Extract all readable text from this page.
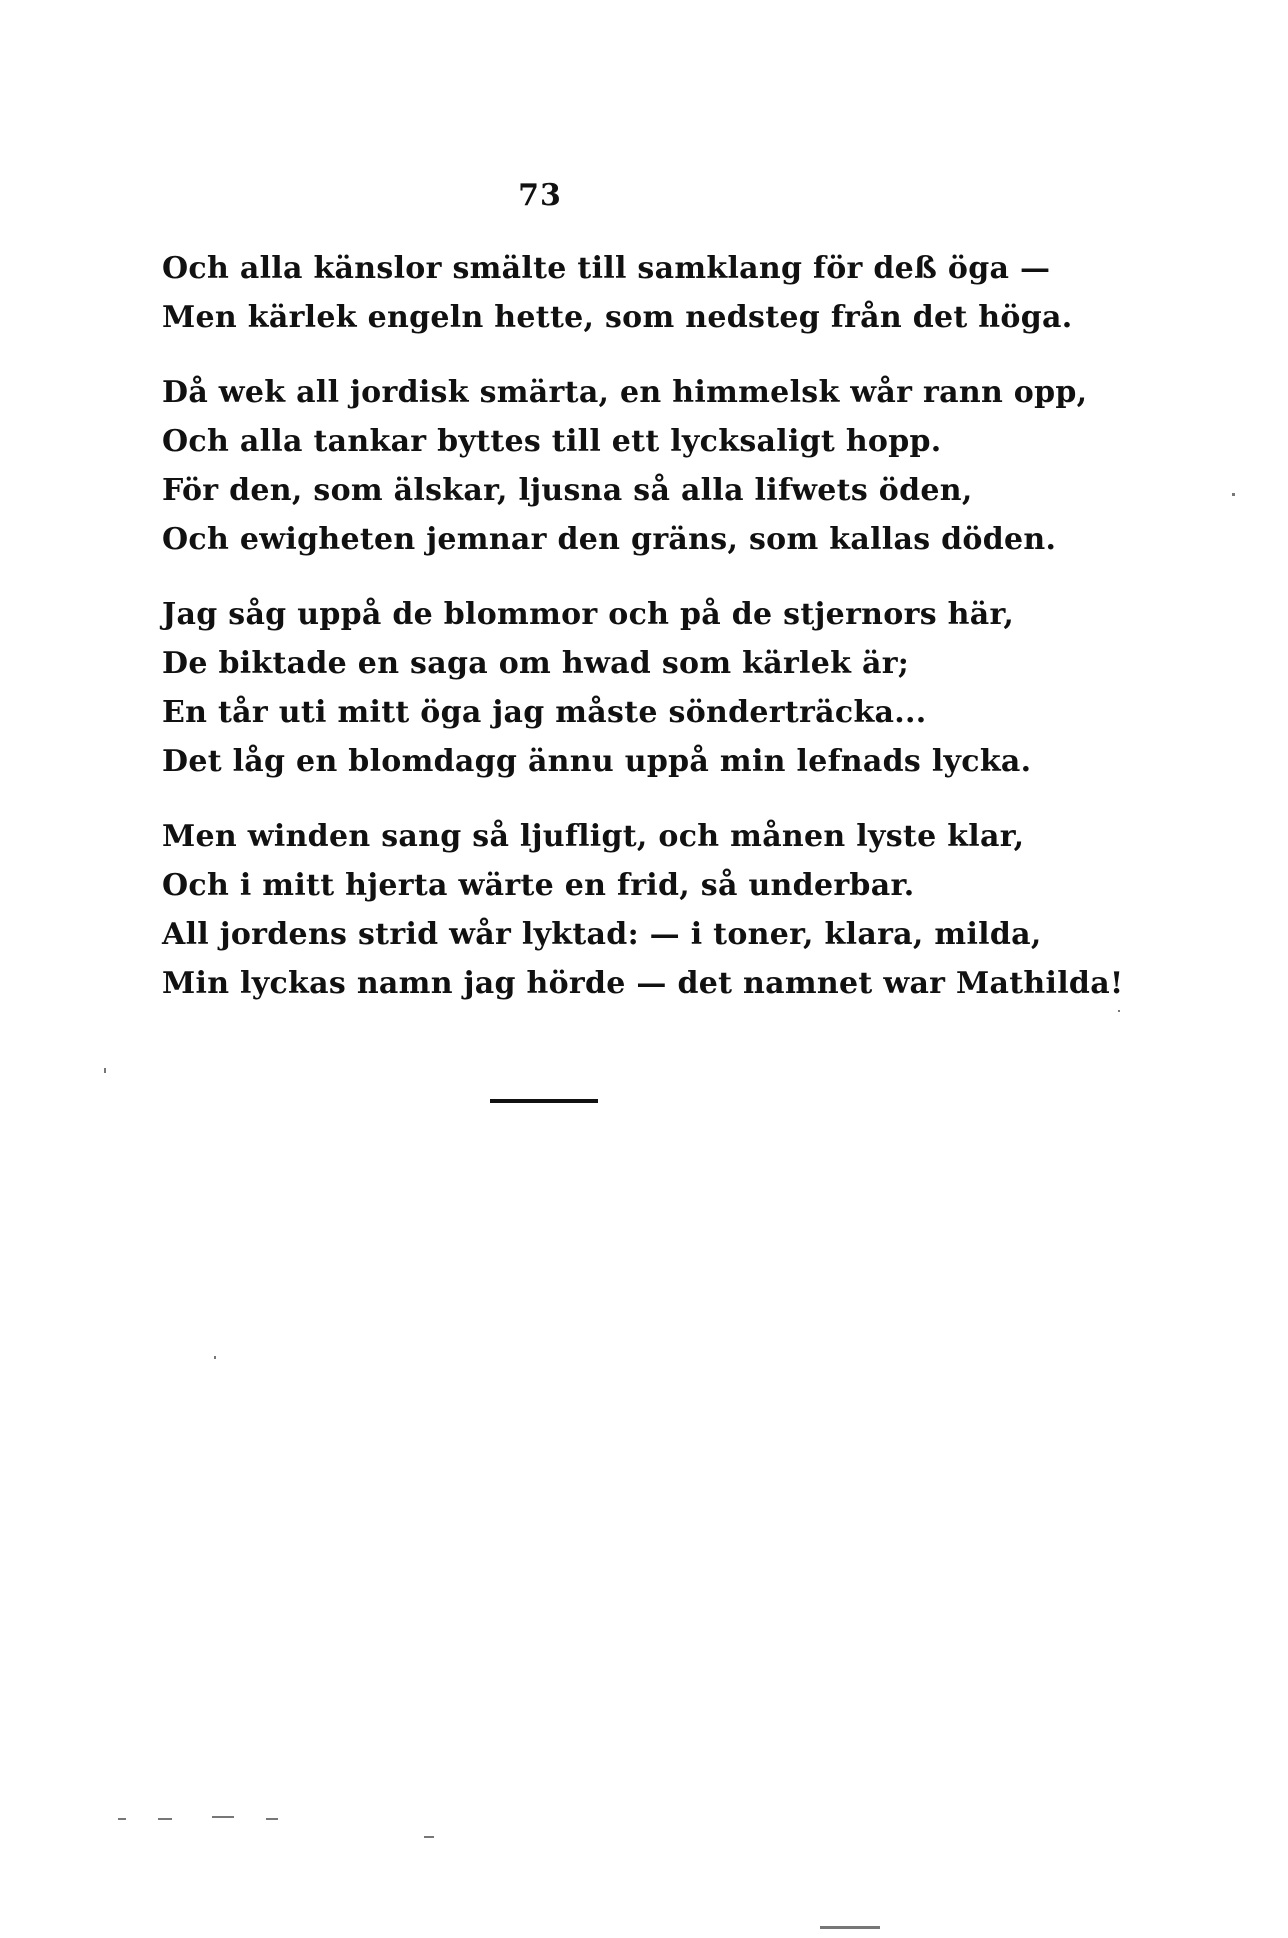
73
Och alla känslor smälte till samklang för deß öga —
Men kärlek engeln hette, som nedsteg från det höga.
Då wek all jordisk smärta, en himmelsk wår rann opp,
Och alla tankar byttes till ett lycksaligt hopp.
För den, som älskar, ljusna så alla lifwets öden,
Och ewigheten jemnar den gräns, som kallas döden.
Jag såg uppå de blommor och på de stjernors här,
De biktade en saga om hwad som kärlek är;
En tår uti mitt öga jag måste sönderträcka...
Det låg en blomdagg ännu uppå min lefnads lycka.
Men winden sang så ljufligt, och månen lyste klar,
Och i mitt hjerta wärte en frid, så underbar.
All jordens strid wår lyktad: — i toner, klara, milda,
Min lyckas namn jag hörde — det namnet war Mathilda!
